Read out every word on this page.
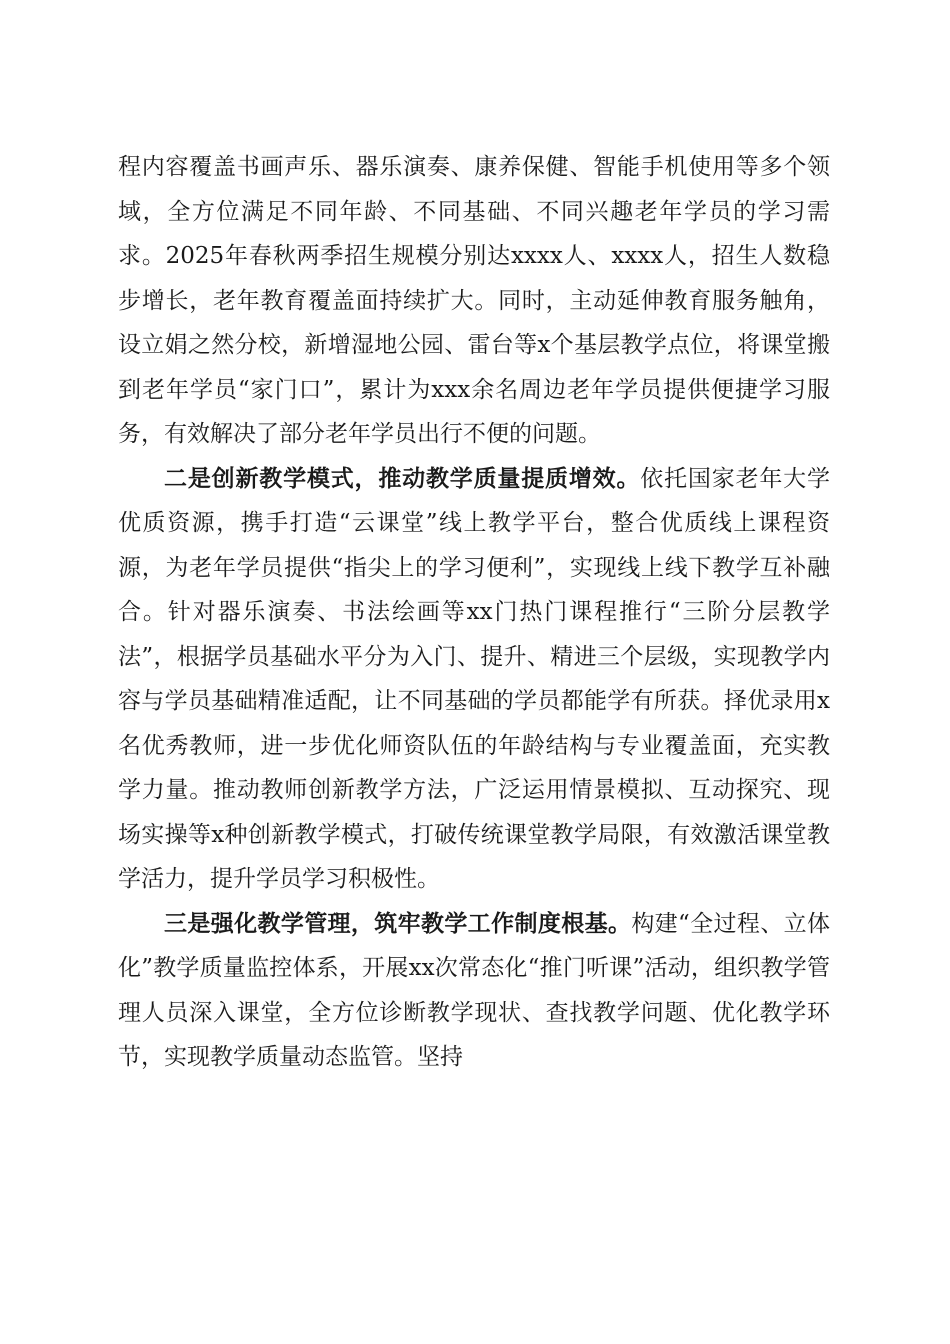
程内容覆盖书画声乐、器乐演奏、康养保健、智能手机使用等多个领域，全方位满足不同年龄、不同基础、不同兴趣老年学员的学习需求。2025年春秋两季招生规模分别达xxxx人、xxxx人，招生人数稳步增长，老年教育覆盖面持续扩大。同时，主动延伸教育服务触角，设立娟之然分校，新增湿地公园、雷台等x个基层教学点位，将课堂搬到老年学员“家门口”，累计为xxx余名周边老年学员提供便捷学习服务，有效解决了部分老年学员出行不便的问题。

二是创新教学模式，推动教学质量提质增效。依托国家老年大学优质资源，携手打造“云课堂”线上教学平台，整合优质线上课程资源，为老年学员提供“指尖上的学习便利”，实现线上线下教学互补融合。针对器乐演奏、书法绘画等xx门热门课程推行“三阶分层教学法”，根据学员基础水平分为入门、提升、精进三个层级，实现教学内容与学员基础精准适配，让不同基础的学员都能学有所获。择优录用x名优秀教师，进一步优化师资队伍的年龄结构与专业覆盖面，充实教学力量。推动教师创新教学方法，广泛运用情景模拟、互动探究、现场实操等x种创新教学模式，打破传统课堂教学局限，有效激活课堂教学活力，提升学员学习积极性。

三是强化教学管理，筑牢教学工作制度根基。构建“全过程、立体化”教学质量监控体系，开展xx次常态化“推门听课”活动，组织教学管理人员深入课堂，全方位诊断教学现状、查找教学问题、优化教学环节，实现教学质量动态监管。坚持
